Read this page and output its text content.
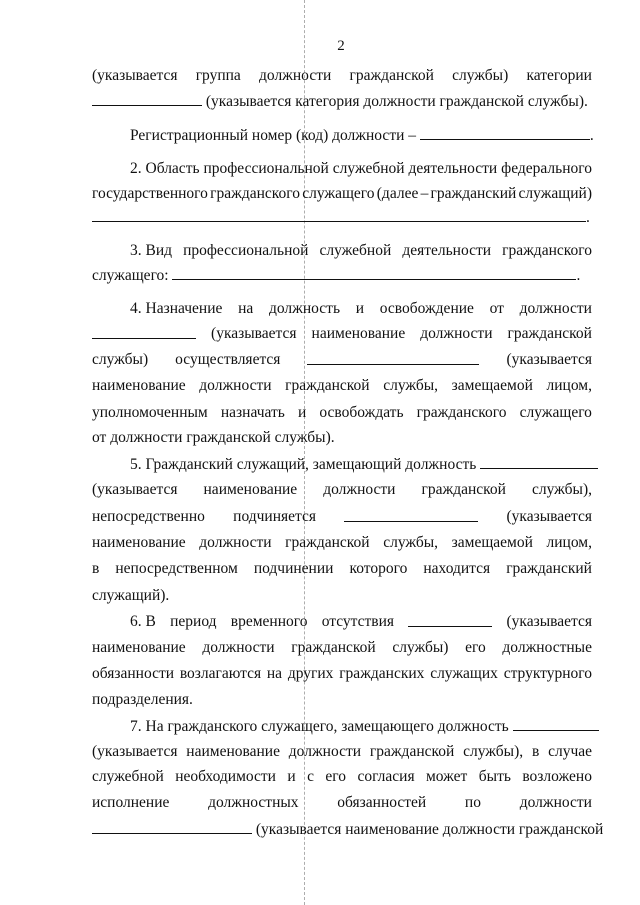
2
(указывается группа должности гражданской службы) категории
(указывается категория должности гражданской службы).
Регистрационный номер (код) должности –	.
2. Область профессиональной служебной деятельности федерального
государственного гражданского служащего (далее – гражданский служащий)
.
3. Вид профессиональной служебной деятельности гражданского
служащего:	.
4. Назначение на должность и освобождение от должности
(указывается наименование должности гражданской
службы) осуществляется	(указывается
наименование должности гражданской службы, замещаемой лицом,
уполномоченным назначать и освобождать гражданского служащего
от должности гражданской службы).
5. Гражданский служащий, замещающий должность
(указывается наименование должности гражданской службы),
непосредственно подчиняется	(указывается
наименование должности гражданской службы, замещаемой лицом,
в непосредственном подчинении которого находится гражданский
служащий).
6. В период временного отсутствия	(указывается
наименование должности гражданской службы) его должностные
обязанности возлагаются на других гражданских служащих структурного
подразделения.
7. На гражданского служащего, замещающего должность
(указывается наименование должности гражданской службы), в случае
служебной необходимости и с его согласия может быть возложено
исполнение должностных обязанностей по должности
(указывается наименование должности гражданской
